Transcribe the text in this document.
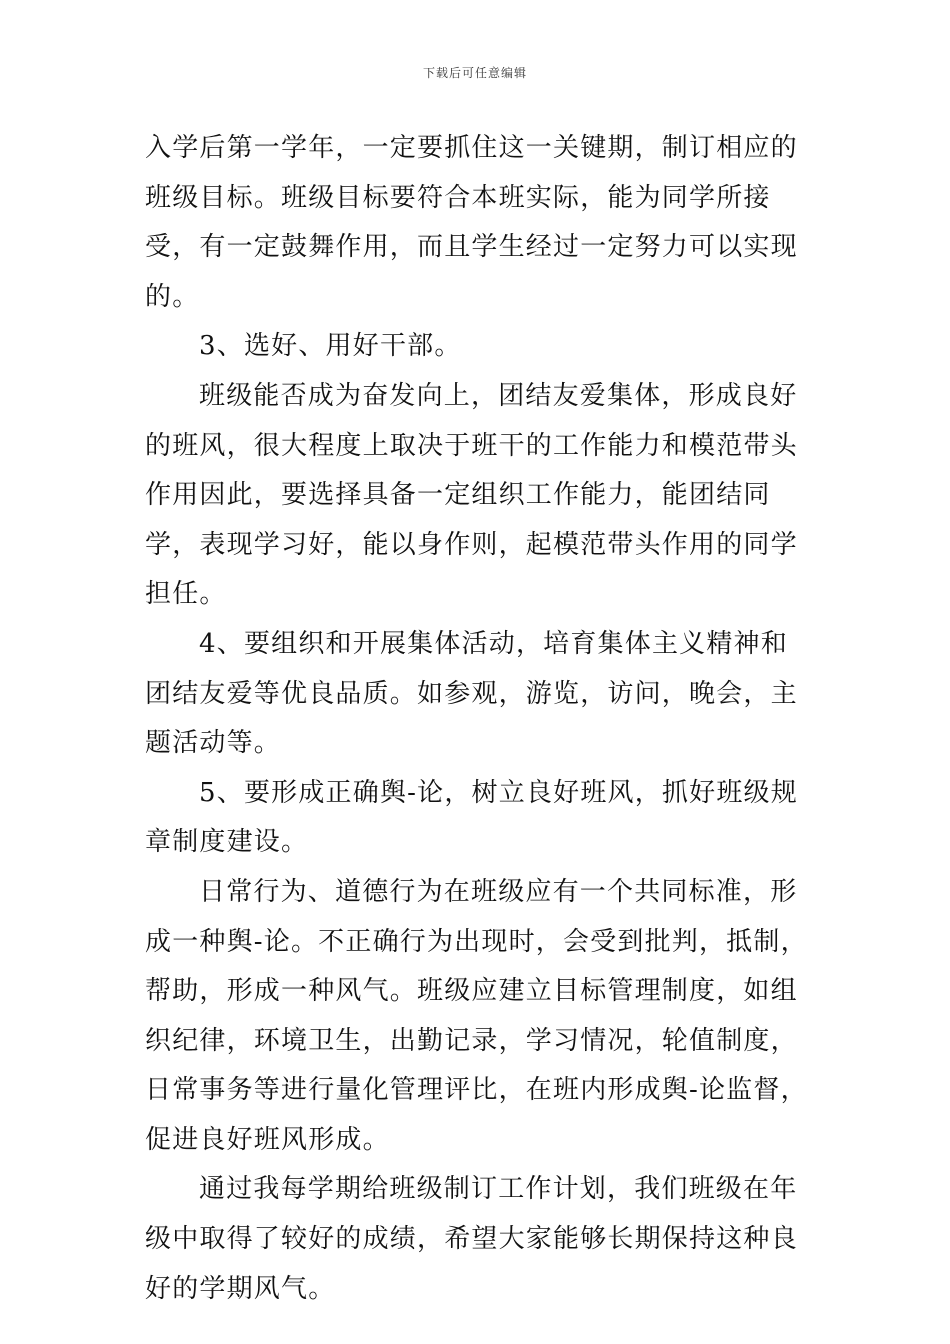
下载后可任意编辑

入学后第一学年，一定要抓住这一关键期，制订相应的班级目标。班级目标要符合本班实际，能为同学所接受，有一定鼓舞作用，而且学生经过一定努力可以实现的。

3、选好、用好干部。

班级能否成为奋发向上，团结友爱集体，形成良好的班风，很大程度上取决于班干的工作能力和模范带头作用因此，要选择具备一定组织工作能力，能团结同学，表现学习好，能以身作则，起模范带头作用的同学担任。

4、要组织和开展集体活动，培育集体主义精神和团结友爱等优良品质。如参观，游览，访问，晚会，主题活动等。

5、要形成正确舆-论，树立良好班风，抓好班级规章制度建设。

日常行为、道德行为在班级应有一个共同标准，形成一种舆-论。不正确行为出现时，会受到批判，抵制，帮助，形成一种风气。班级应建立目标管理制度，如组织纪律，环境卫生，出勤记录，学习情况，轮值制度，日常事务等进行量化管理评比，在班内形成舆-论监督，促进良好班风形成。

通过我每学期给班级制订工作计划，我们班级在年级中取得了较好的成绩，希望大家能够长期保持这种良好的学期风气。
